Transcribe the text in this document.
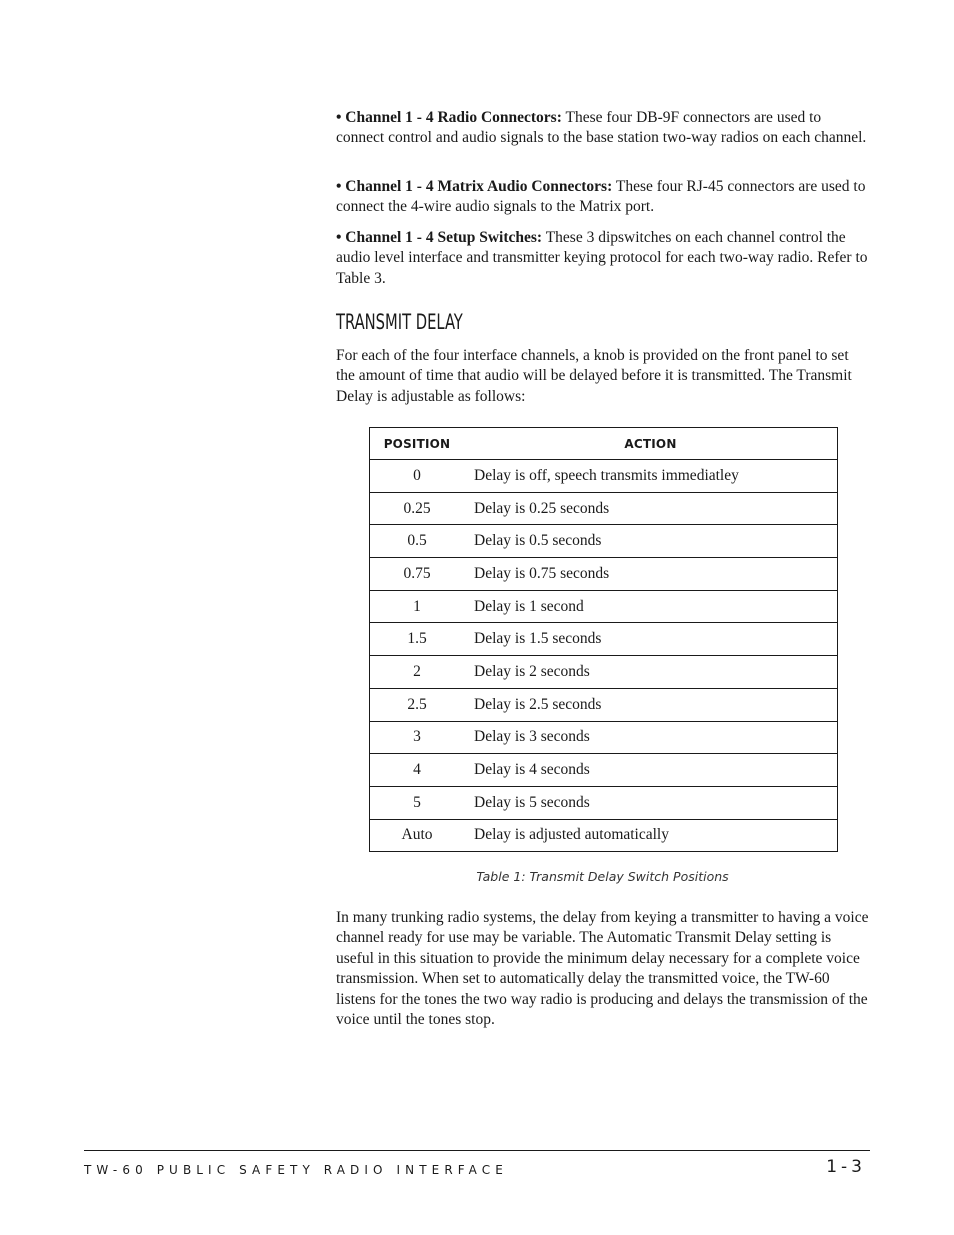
• Channel 1 - 4 Radio Connectors: These four DB-9F connectors are used to connect control and audio signals to the base station two-way radios on each channel.

• Channel 1 - 4 Matrix Audio Connectors: These four RJ-45 connectors are used to connect the 4-wire audio signals to the Matrix port.

• Channel 1 - 4 Setup Switches: These 3 dipswitches on each channel control the audio level interface and transmitter keying protocol for each two-way radio. Refer to Table 3.

TRANSMIT DELAY

For each of the four interface channels, a knob is provided on the front panel to set the amount of time that audio will be delayed before it is transmitted. The Transmit Delay is adjustable as follows:

POSITION	ACTION
0	Delay is off, speech transmits immediatley
0.25	Delay is 0.25 seconds
0.5	Delay is 0.5 seconds
0.75	Delay is 0.75 seconds
1	Delay is 1 second
1.5	Delay is 1.5 seconds
2	Delay is 2 seconds
2.5	Delay is 2.5 seconds
3	Delay is 3 seconds
4	Delay is 4 seconds
5	Delay is 5 seconds
Auto	Delay is adjusted automatically
Table 1: Transmit Delay Switch Positions

In many trunking radio systems, the delay from keying a transmitter to having a voice channel ready for use may be variable. The Automatic Transmit Delay setting is useful in this situation to provide the minimum delay necessary for a complete voice transmission. When set to automatically delay the transmitted voice, the TW-60 listens for the tones the two way radio is producing and delays the transmission of the voice until the tones stop.

TW-60 PUBLIC SAFETY RADIO INTERFACE	1-3
